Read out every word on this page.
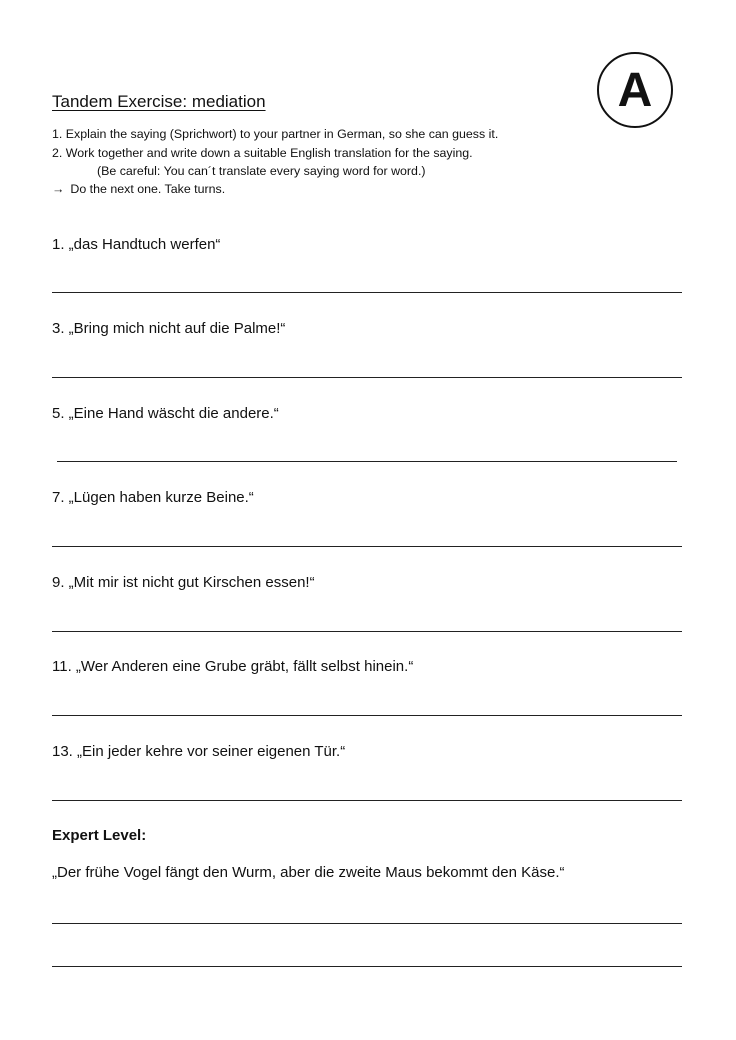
A
Tandem Exercise: mediation
1. Explain the saying (Sprichwort) to your partner in German, so she can guess it.
2. Work together and write down a suitable English translation for the saying.
(Be careful: You can´t translate every saying word for word.)
→ Do the next one. Take turns.
1. „das Handtuch werfen“
3. „Bring mich nicht auf die Palme!“
5. „Eine Hand wäscht die andere.“
7. „Lügen haben kurze Beine.“
9. „Mit mir ist nicht gut Kirschen essen!“
11. „Wer Anderen eine Grube gräbt, fällt selbst hinein.“
13. „Ein jeder kehre vor seiner eigenen Tür.“
Expert Level:
„Der frühe Vogel fängt den Wurm, aber die zweite Maus bekommt den Käse.“
